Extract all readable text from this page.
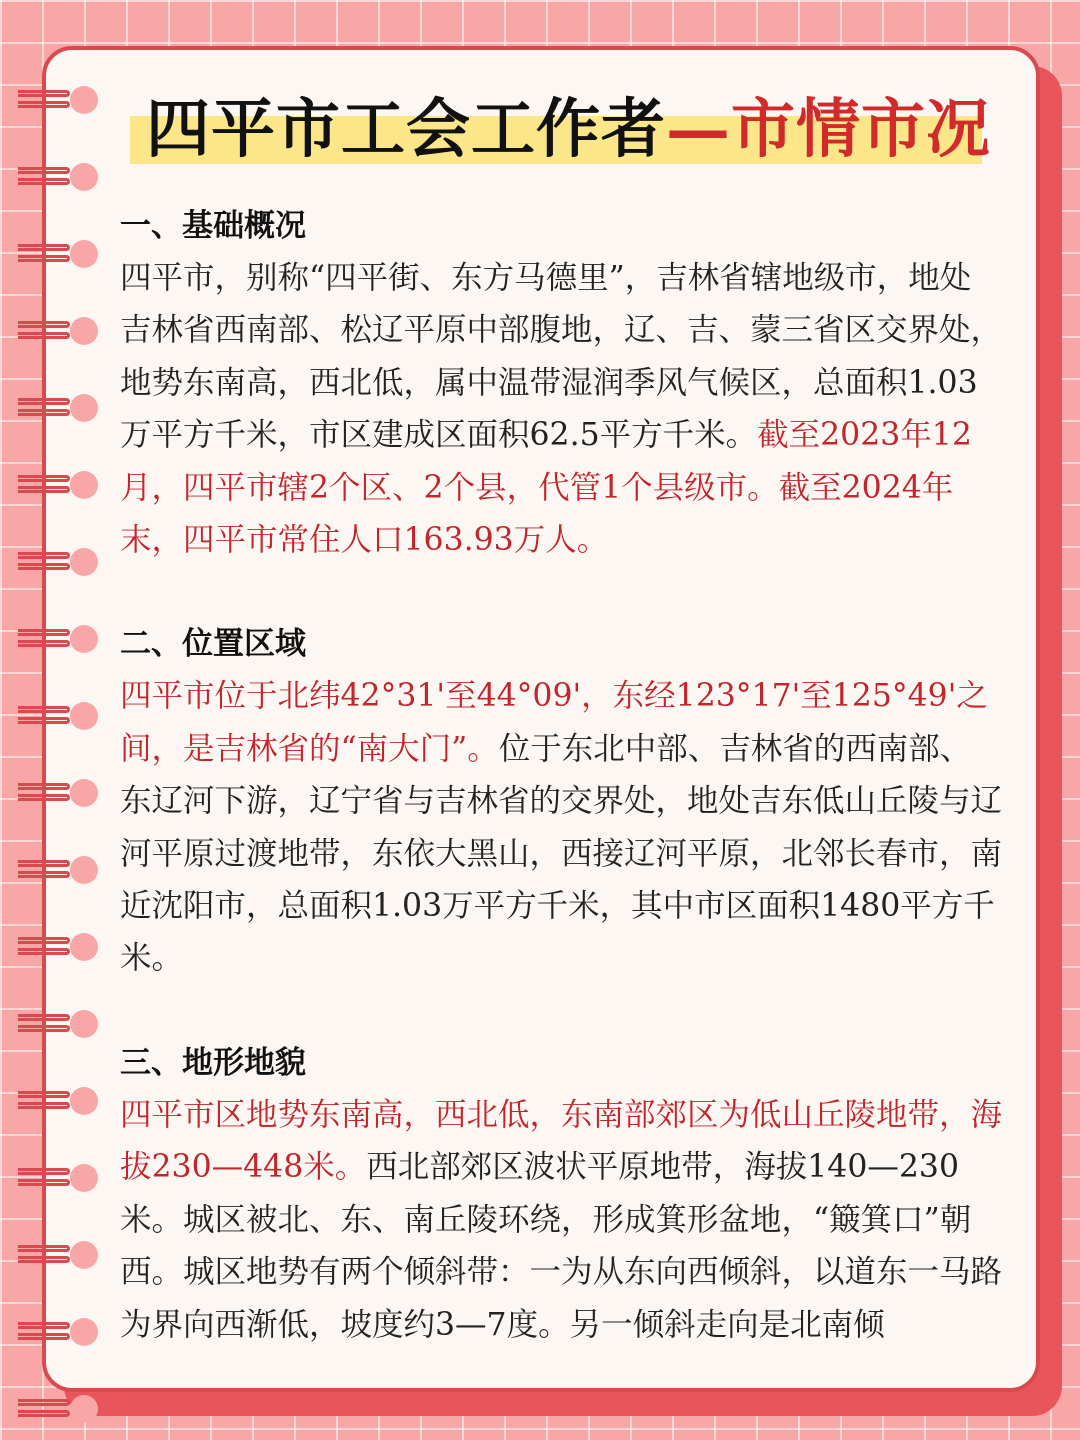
四平市工会工作者—市情市况
一、基础概况

四平市，别称“四平街、东方马德里”，吉林省辖地级市，地处吉林省西南部、松辽平原中部腹地，辽、吉、蒙三省区交界处，地势东南高，西北低，属中温带湿润季风气候区，总面积1.03万平方千米，市区建成区面积62.5平方千米。截至2023年12月，四平市辖2个区、2个县，代管1个县级市。截至2024年末，四平市常住人口163.93万人。

二、位置区域

四平市位于北纬42°31'至44°09'，东经123°17'至125°49'之间，是吉林省的“南大门”。位于东北中部、吉林省的西南部、东辽河下游，辽宁省与吉林省的交界处，地处吉东低山丘陵与辽河平原过渡地带，东依大黑山，西接辽河平原，北邻长春市，南近沈阳市，总面积1.03万平方千米，其中市区面积1480平方千米。

三、地形地貌

四平市区地势东南高，西北低，东南部郊区为低山丘陵地带，海拔230—448米。西北部郊区波状平原地带，海拔140—230米。城区被北、东、南丘陵环绕，形成箕形盆地，“簸箕口”朝西。城区地势有两个倾斜带：一为从东向西倾斜，以道东一马路为界向西渐低，坡度约3—7度。另一倾斜走向是北南倾
